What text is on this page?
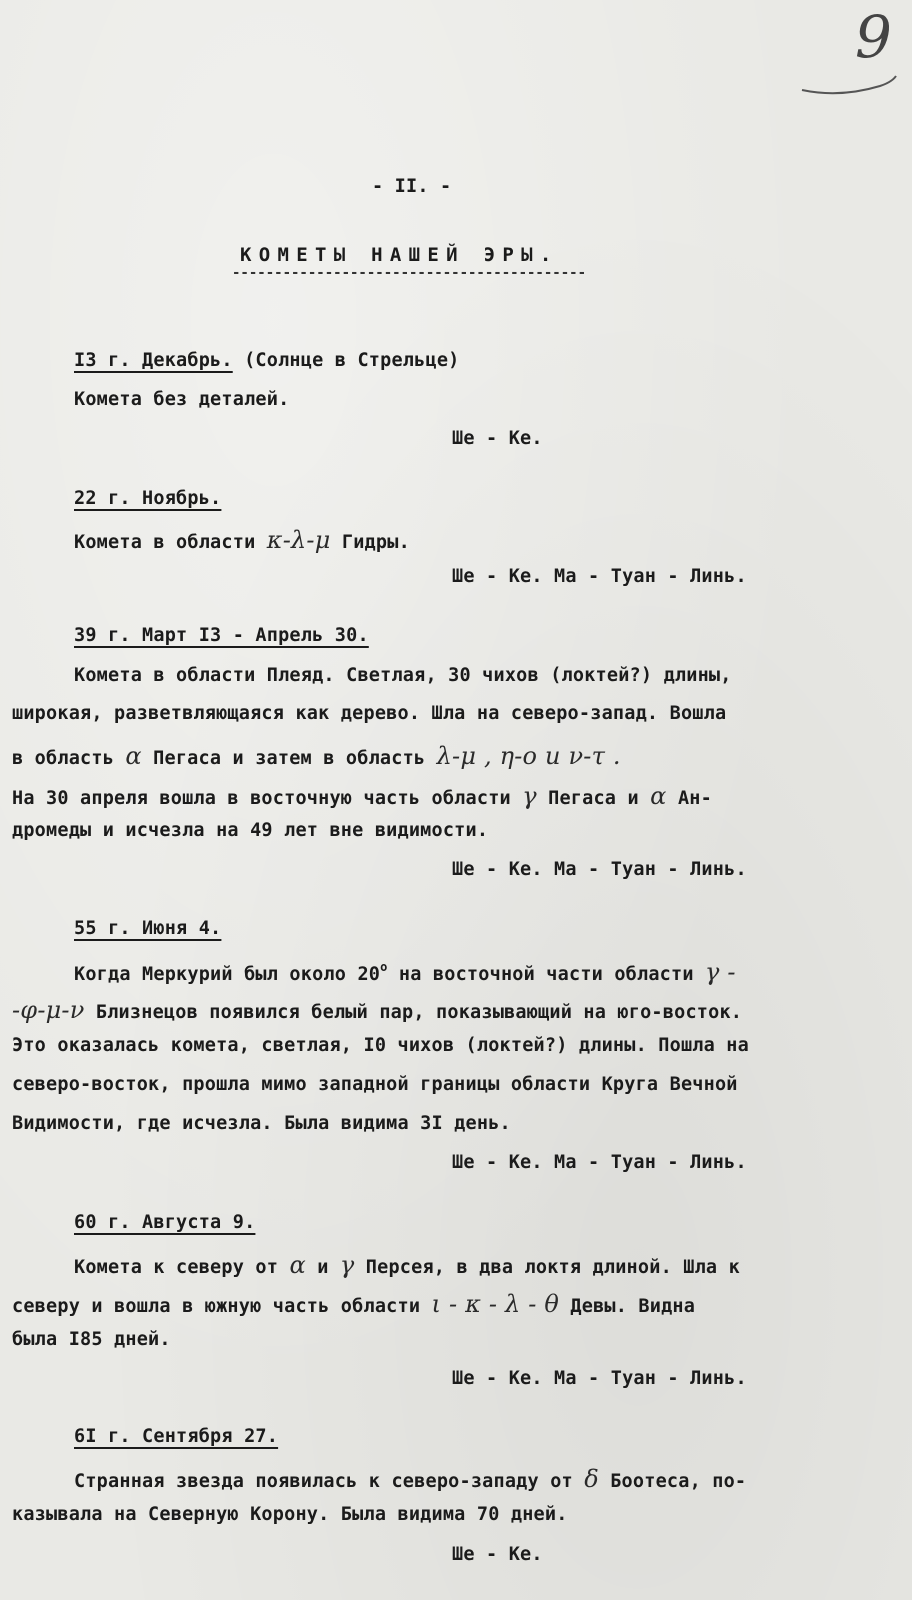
9
- II. -
КОМЕТЫ НАШЕЙ ЭРЫ.
------------------------------------------
I3 г. Декабрь. (Солнце в Стрельце)
Комета без деталей.
Ше - Ке.
22 г. Ноябрь.
Комета в области κ-λ-μ Гидры.
Ше - Ке. Ма - Туан - Линь.
39 г. Март I3 - Апрель 30.
Комета в области Плеяд. Светлая, 30 чихов (локтей?) длины,
широкая, разветвляющаяся как дерево. Шла на северо-запад. Вошла
в область α Пегаса и затем в область λ-μ , η-ο и ν-τ .
На 30 апреля вошла в восточную часть области γ Пегаса и α Ан-
дромеды и исчезла на 49 лет вне видимости.
Ше - Ке. Ма - Туан - Линь.
55 г. Июня 4.
Когда Меркурий был около 20$^o$ на восточной части области γ -
-φ-μ-ν Близнецов появился белый пар, показывающий на юго-восток.
Это оказалась комета, светлая, I0 чихов (локтей?) длины. Пошла на
северо-восток, прошла мимо западной границы области Круга Вечной
Видимости, где исчезла. Была видима 3I день.
Ше - Ке. Ма - Туан - Линь.
60 г. Августа 9.
Комета к северу от α и γ Персея, в два локтя длиной. Шла к
северу и вошла в южную часть области ι - κ - λ - θ Девы. Видна
была I85 дней.
Ше - Ке. Ма - Туан - Линь.
6I г. Сентября 27.
Странная звезда появилась к северо-западу от δ Боотеса, по-
казывала на Северную Корону. Была видима 70 дней.
Ше - Ке.
